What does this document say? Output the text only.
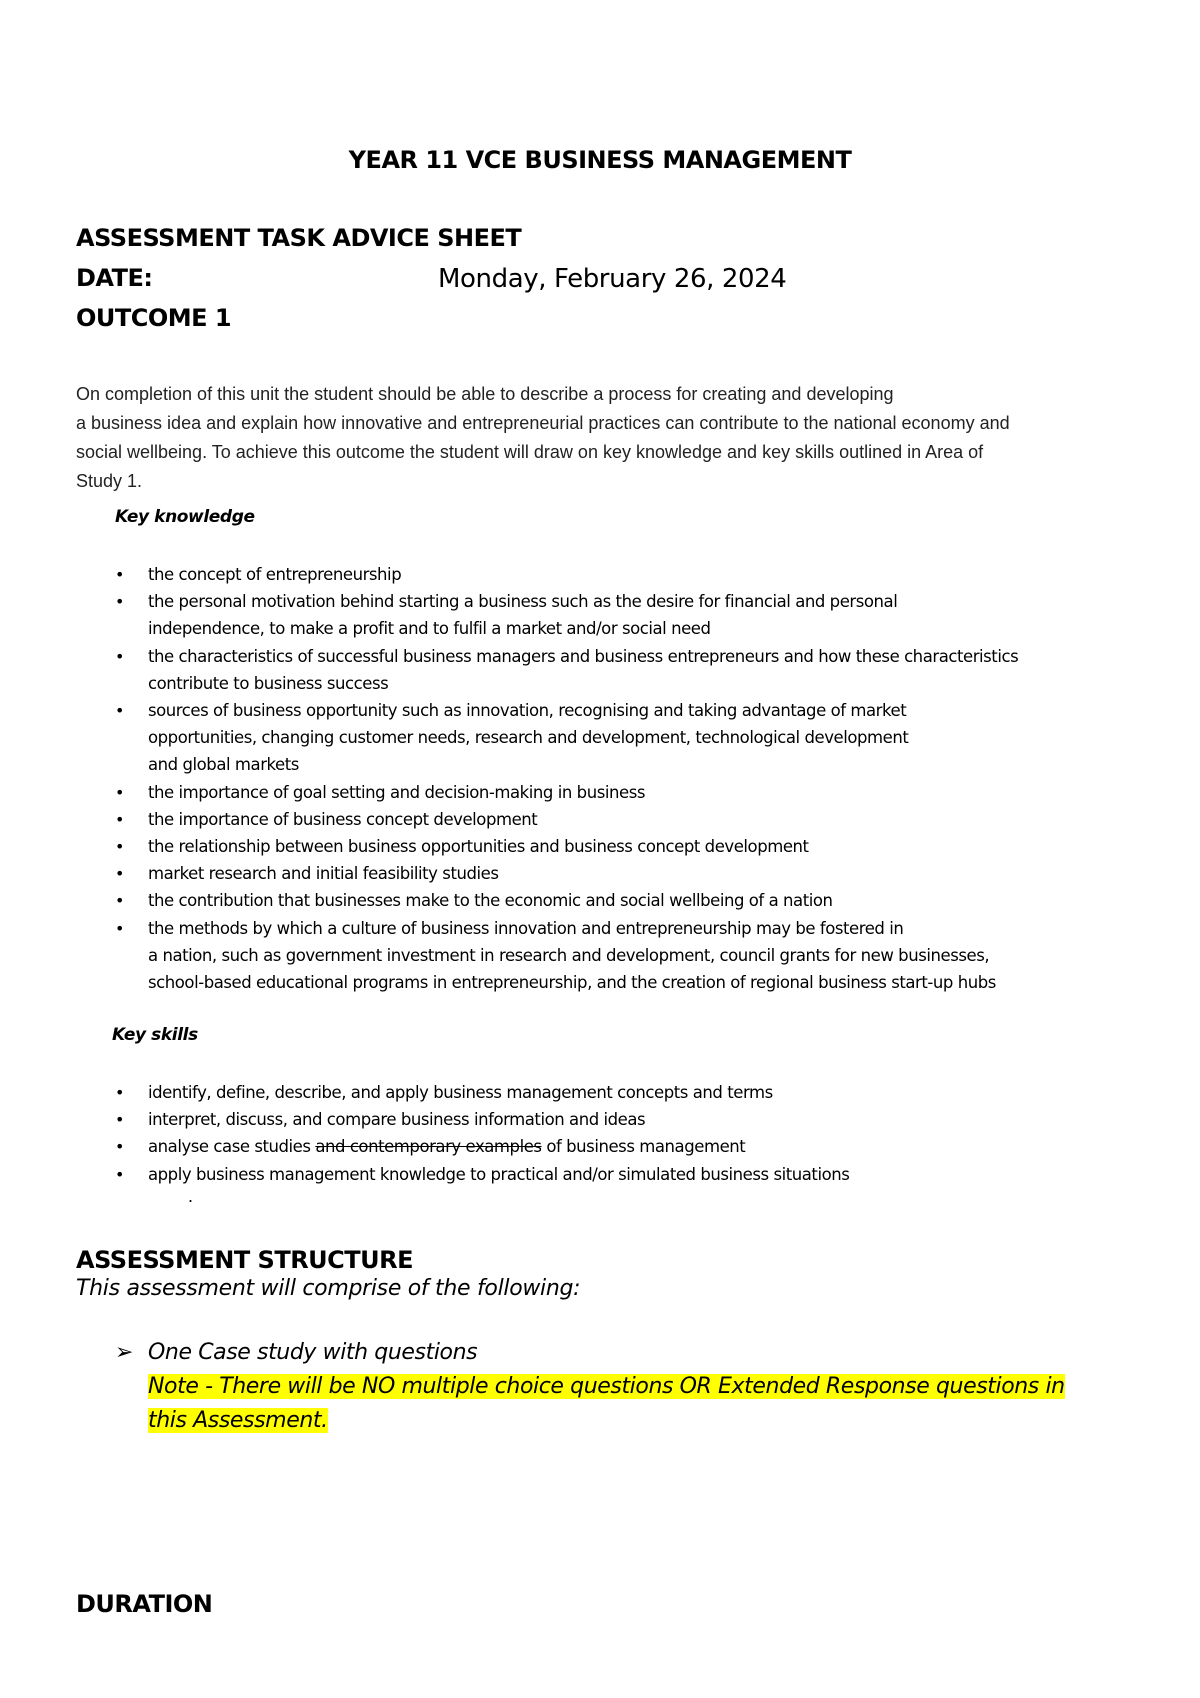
YEAR 11 VCE BUSINESS MANAGEMENT
ASSESSMENT TASK ADVICE SHEET
DATE:	Monday, February 26, 2024
OUTCOME 1

On completion of this unit the student should be able to describe a process for creating and developing
a business idea and explain how innovative and entrepreneurial practices can contribute to the national economy and
social wellbeing. To achieve this outcome the student will draw on key knowledge and key skills outlined in Area of
Study 1.

Key knowledge
• the concept of entrepreneurship
• the personal motivation behind starting a business such as the desire for financial and personal
independence, to make a profit and to fulfil a market and/or social need
• the characteristics of successful business managers and business entrepreneurs and how these characteristics
contribute to business success
• sources of business opportunity such as innovation, recognising and taking advantage of market
opportunities, changing customer needs, research and development, technological development
and global markets
• the importance of goal setting and decision-making in business
• the importance of business concept development
• the relationship between business opportunities and business concept development
• market research and initial feasibility studies
• the contribution that businesses make to the economic and social wellbeing of a nation
• the methods by which a culture of business innovation and entrepreneurship may be fostered in
a nation, such as government investment in research and development, council grants for new businesses,
school-based educational programs in entrepreneurship, and the creation of regional business start-up hubs
Key skills
• identify, define, describe, and apply business management concepts and terms
• interpret, discuss, and compare business information and ideas
• analyse case studies and contemporary examples of business management
• apply business management knowledge to practical and/or simulated business situations
.
ASSESSMENT STRUCTURE
This assessment will comprise of the following:
➢ One Case study with questions
Note - There will be NO multiple choice questions OR Extended Response questions in
this Assessment.
DURATION
